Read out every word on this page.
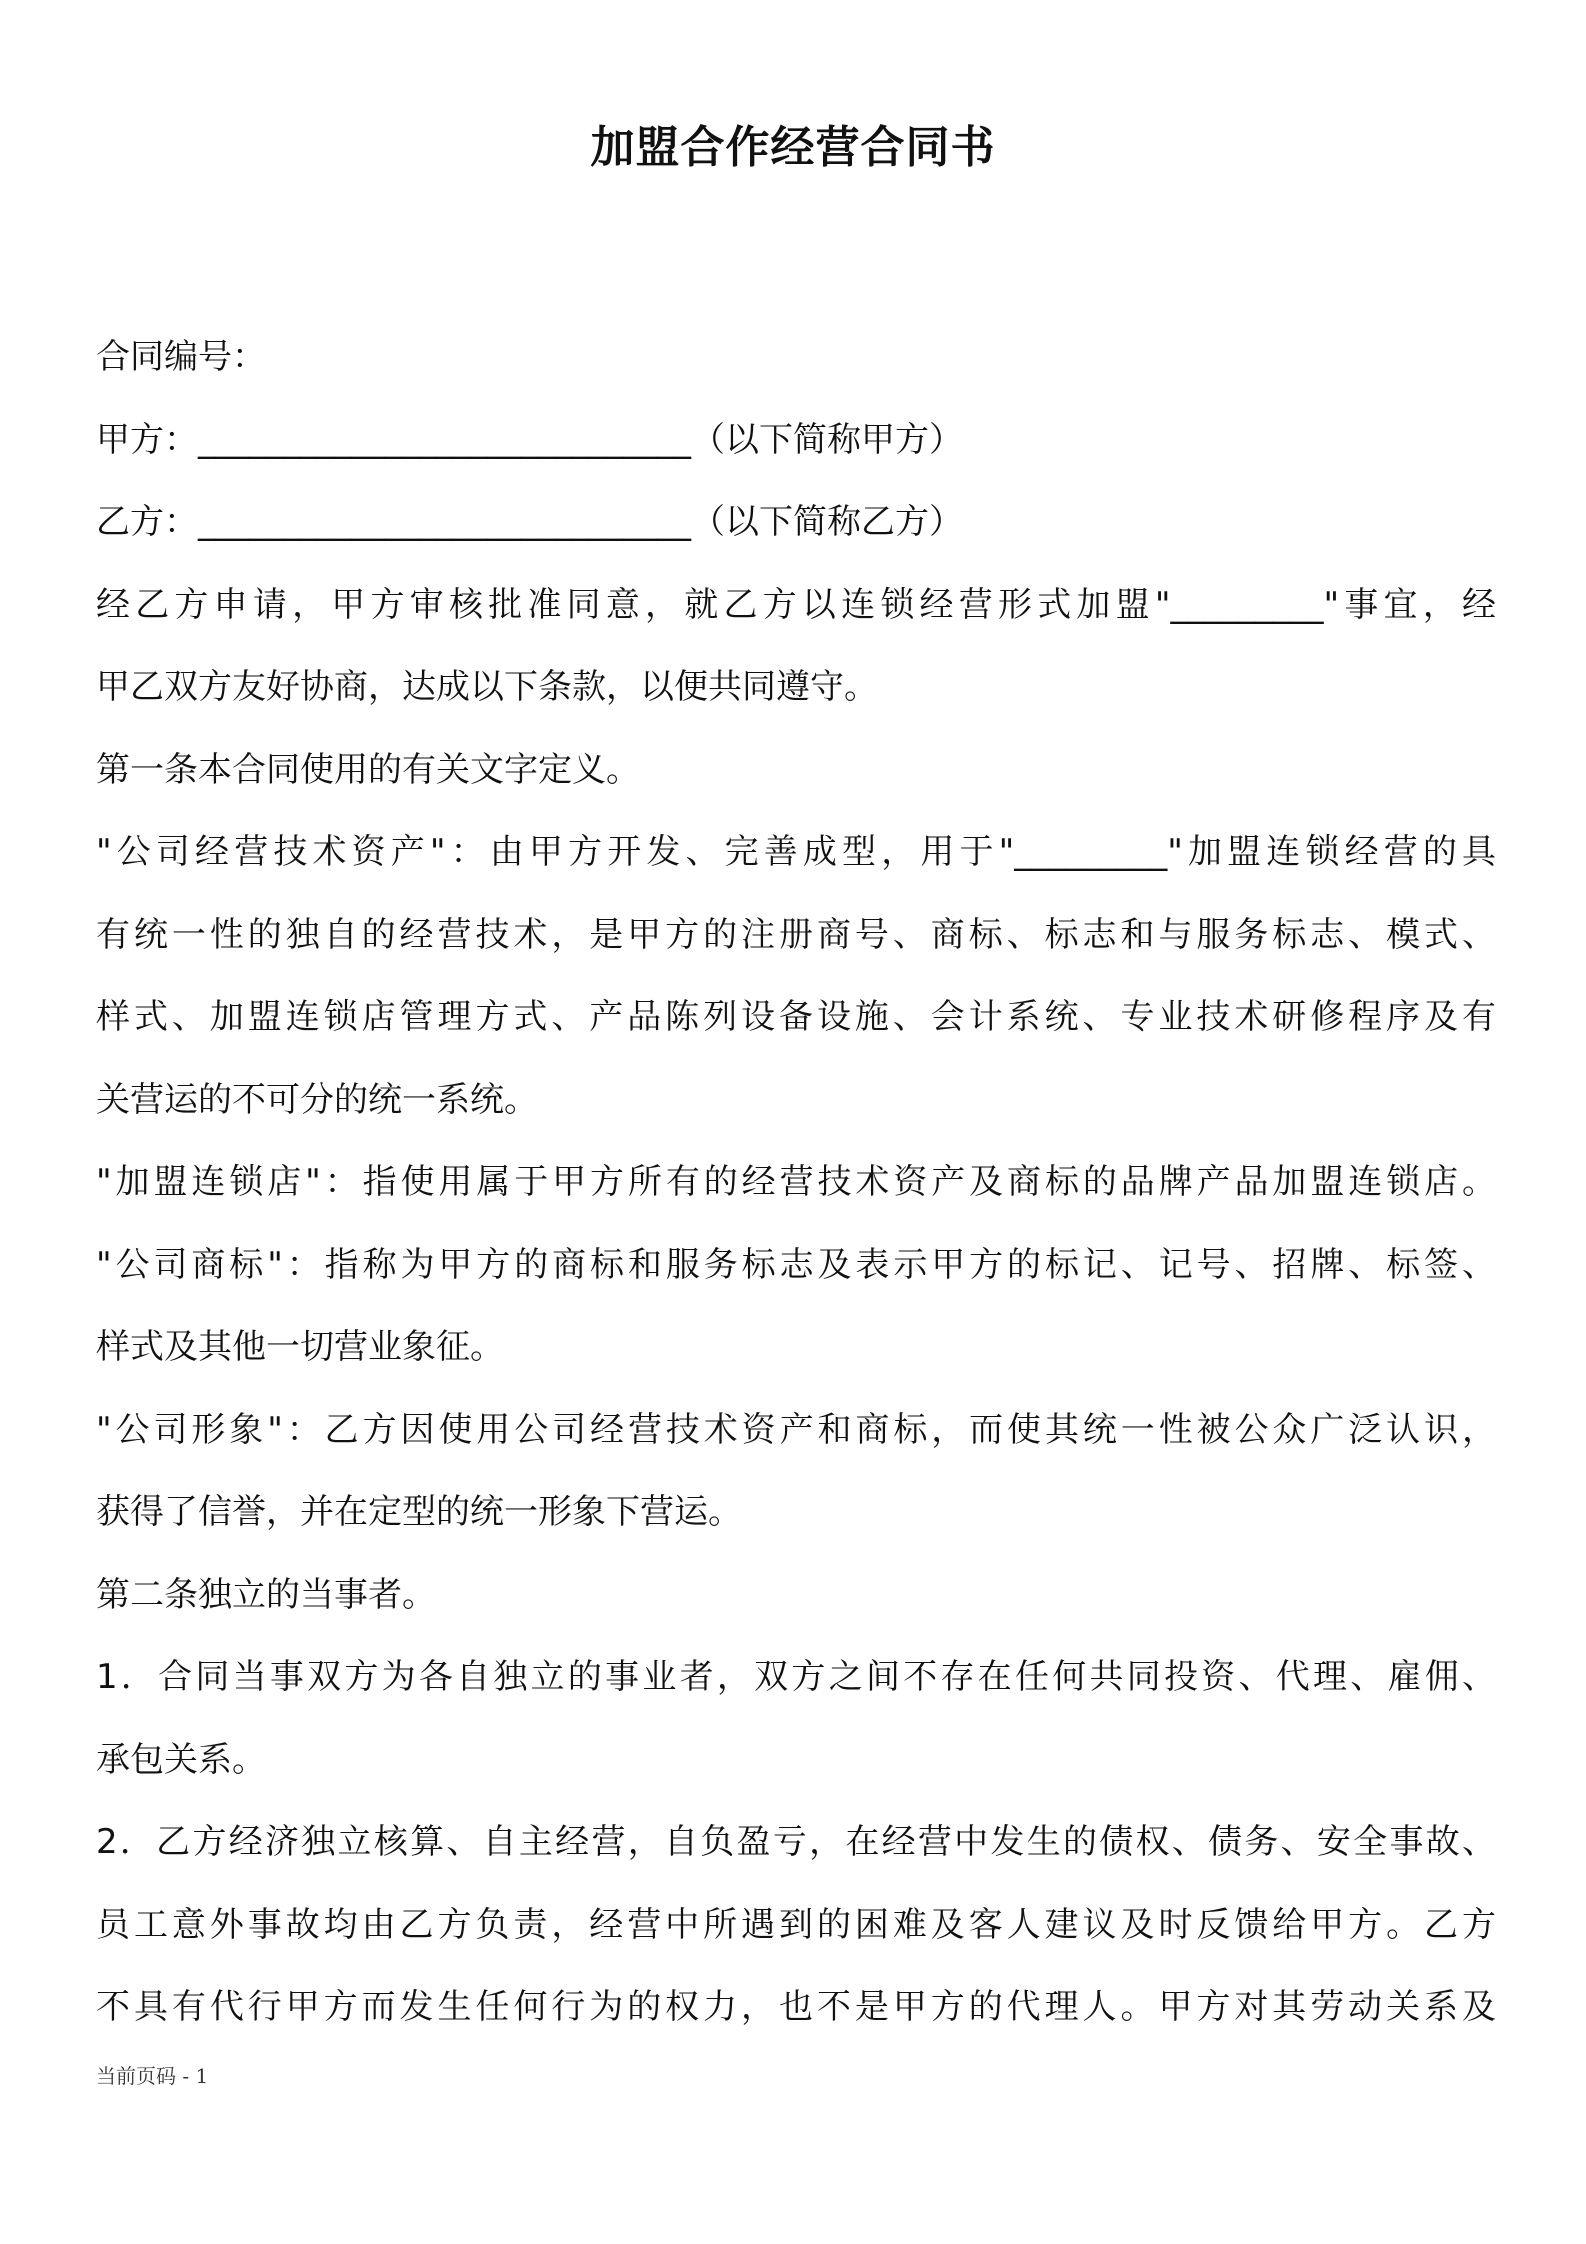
加盟合作经营合同书
合同编号：
甲方：_____________________________（以下简称甲方）
乙方：_____________________________（以下简称乙方）
经乙方申请，甲方审核批准同意，就乙方以连锁经营形式加盟"_________"事宜，经
甲乙双方友好协商，达成以下条款，以便共同遵守。
第一条本合同使用的有关文字定义。
"公司经营技术资产"：由甲方开发、完善成型，用于"_________"加盟连锁经营的具
有统一性的独自的经营技术，是甲方的注册商号、商标、标志和与服务标志、模式、
样式、加盟连锁店管理方式、产品陈列设备设施、会计系统、专业技术研修程序及有
关营运的不可分的统一系统。
"加盟连锁店"：指使用属于甲方所有的经营技术资产及商标的品牌产品加盟连锁店。
"公司商标"：指称为甲方的商标和服务标志及表示甲方的标记、记号、招牌、标签、
样式及其他一切营业象征。
"公司形象"：乙方因使用公司经营技术资产和商标，而使其统一性被公众广泛认识，
获得了信誉，并在定型的统一形象下营运。
第二条独立的当事者。
1．合同当事双方为各自独立的事业者，双方之间不存在任何共同投资、代理、雇佣、
承包关系。
2．乙方经济独立核算、自主经营，自负盈亏，在经营中发生的债权、债务、安全事故、
员工意外事故均由乙方负责，经营中所遇到的困难及客人建议及时反馈给甲方。乙方
不具有代行甲方而发生任何行为的权力，也不是甲方的代理人。甲方对其劳动关系及
当前页码 - 1
